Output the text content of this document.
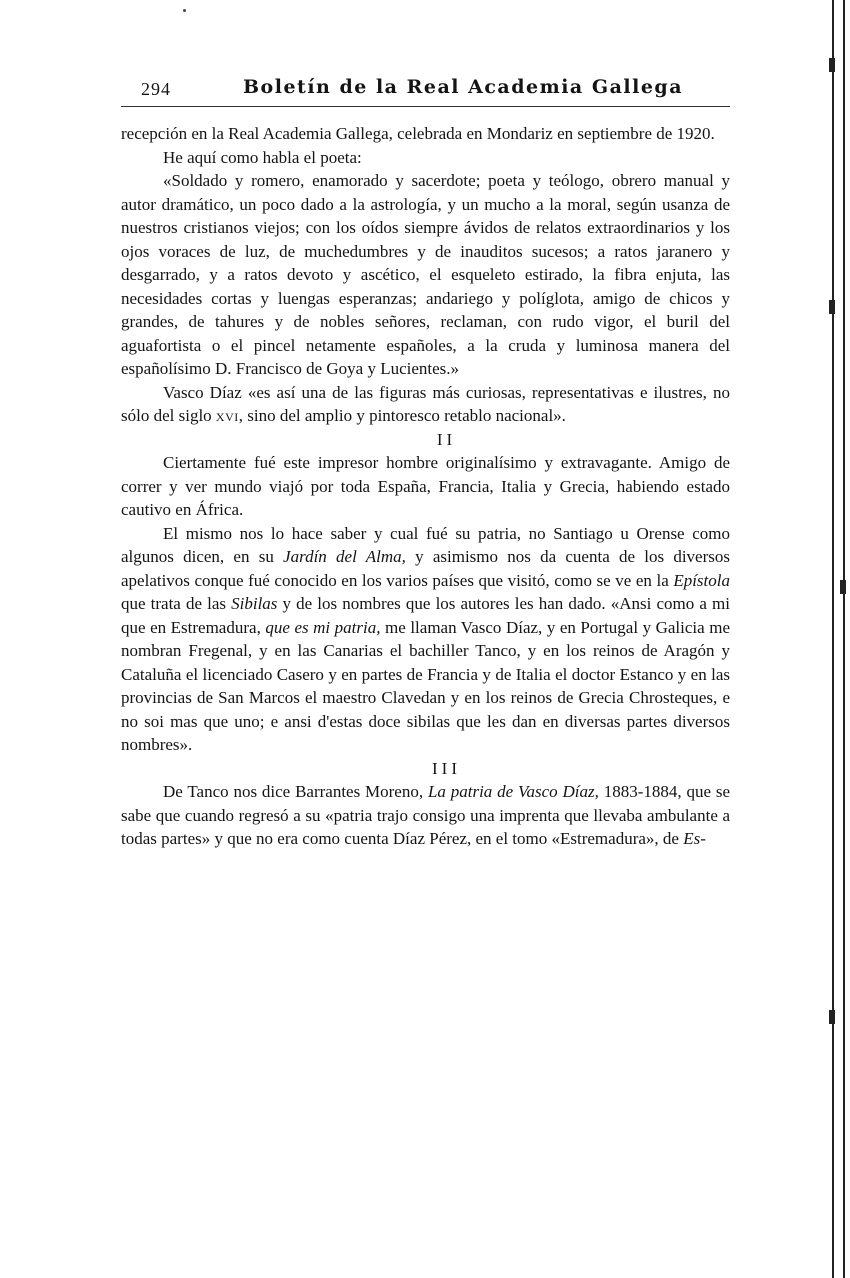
294	Boletín de la Real Academia Gallega

recepción en la Real Academia Gallega, celebrada en Mondariz en septiembre de 1920.

He aquí como habla el poeta:

«Soldado y romero, enamorado y sacerdote; poeta y teólogo, obrero manual y autor dramático, un poco dado a la astrología, y un mucho a la moral, según usanza de nuestros cristianos viejos; con los oídos siempre ávidos de relatos extraordinarios y los ojos voraces de luz, de muchedumbres y de inauditos sucesos; a ratos jaranero y desgarrado, y a ratos devoto y ascético, el esqueleto estirado, la fibra enjuta, las necesidades cortas y luengas esperanzas; andariego y políglota, amigo de chicos y grandes, de tahures y de nobles señores, reclaman, con rudo vigor, el buril del aguafortista o el pincel netamente españoles, a la cruda y luminosa manera del españolísimo D. Francisco de Goya y Lucientes.»

Vasco Díaz «es así una de las figuras más curiosas, representativas e ilustres, no sólo del siglo xvi, sino del amplio y pintoresco retablo nacional».

II

Ciertamente fué este impresor hombre originalísimo y extravagante. Amigo de correr y ver mundo viajó por toda España, Francia, Italia y Grecia, habiendo estado cautivo en África.

El mismo nos lo hace saber y cual fué su patria, no Santiago u Orense como algunos dicen, en su Jardín del Alma, y asimismo nos da cuenta de los diversos apelativos conque fué conocido en los varios países que visitó, como se ve en la Epístola que trata de las Sibilas y de los nombres que los autores les han dado. «Ansi como a mi que en Estremadura, que es mi patria, me llaman Vasco Díaz, y en Portugal y Galicia me nombran Fregenal, y en las Canarias el bachiller Tanco, y en los reinos de Aragón y Cataluña el licenciado Casero y en partes de Francia y de Italia el doctor Estanco y en las provincias de San Marcos el maestro Clavedan y en los reinos de Grecia Chrosteques, e no soi mas que uno; e ansi d'estas doce sibilas que les dan en diversas partes diversos nombres».

III

De Tanco nos dice Barrantes Moreno, La patria de Vasco Díaz, 1883-1884, que se sabe que cuando regresó a su «patria trajo consigo una imprenta que llevaba ambulante a todas partes» y que no era como cuenta Díaz Pérez, en el tomo «Estremadura», de Es-
